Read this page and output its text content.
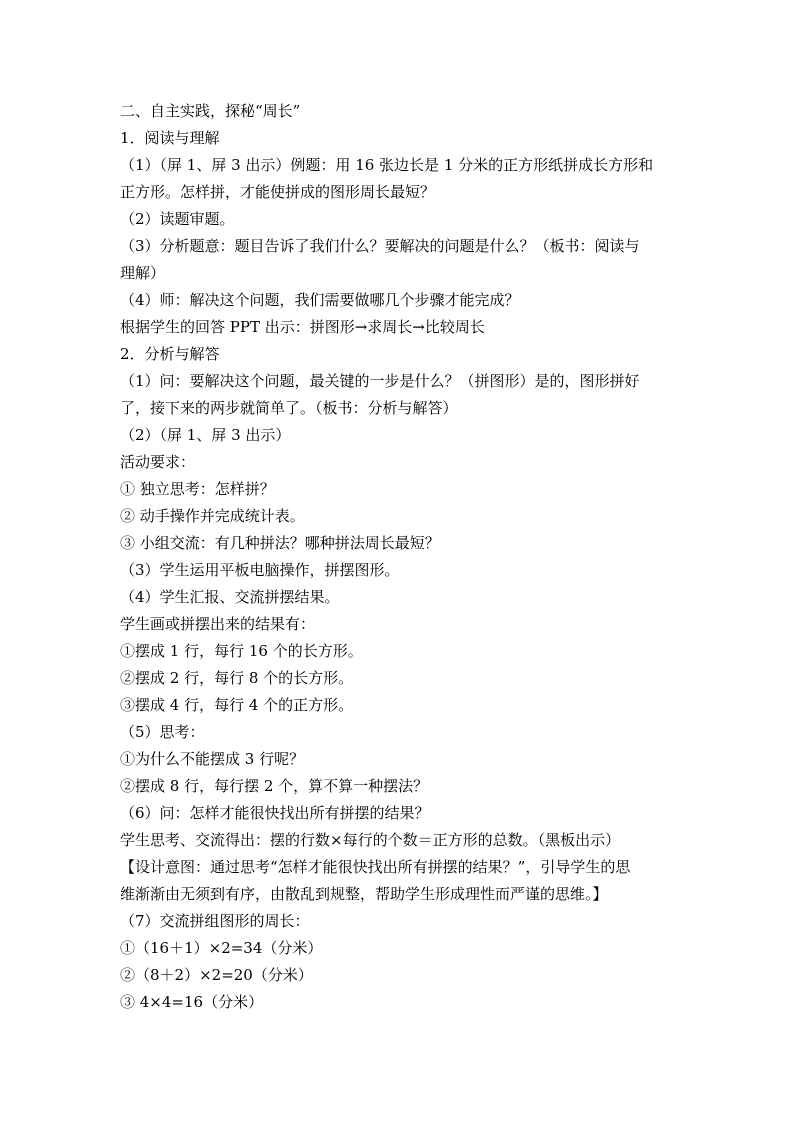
二、自主实践，探秘“周长”

1．阅读与理解

（1）（屏 1、屏 3 出示）例题：用 16 张边长是 1 分米的正方形纸拼成长方形和

正方形。怎样拼，才能使拼成的图形周长最短？

（2）读题审题。

（3）分析题意：题目告诉了我们什么？要解决的问题是什么？（板书：阅读与

理解）

（4）师：解决这个问题，我们需要做哪几个步骤才能完成？

根据学生的回答 PPT 出示：拼图形→求周长→比较周长

2．分析与解答

（1）问：要解决这个问题，最关键的一步是什么？（拼图形）是的，图形拼好

了，接下来的两步就简单了。（板书：分析与解答）

（2）（屏 1、屏 3 出示）

活动要求：

① 独立思考：怎样拼？

② 动手操作并完成统计表。

③ 小组交流：有几种拼法？哪种拼法周长最短？

（3）学生运用平板电脑操作，拼摆图形。

（4）学生汇报、交流拼摆结果。

学生画或拼摆出来的结果有：

①摆成 1 行，每行 16 个的长方形。

②摆成 2 行，每行 8 个的长方形。

③摆成 4 行，每行 4 个的正方形。

（5）思考：

①为什么不能摆成 3 行呢？

②摆成 8 行，每行摆 2 个，算不算一种摆法？

（6）问：怎样才能很快找出所有拼摆的结果？

学生思考、交流得出：摆的行数×每行的个数＝正方形的总数。（黑板出示）

【设计意图：通过思考“怎样才能很快找出所有拼摆的结果？”，引导学生的思

维渐渐由无须到有序，由散乱到规整，帮助学生形成理性而严谨的思维。】

（7）交流拼组图形的周长：

①（16＋1）×2=34（分米）

②（8＋2）×2=20（分米）

③ 4×4=16（分米）
